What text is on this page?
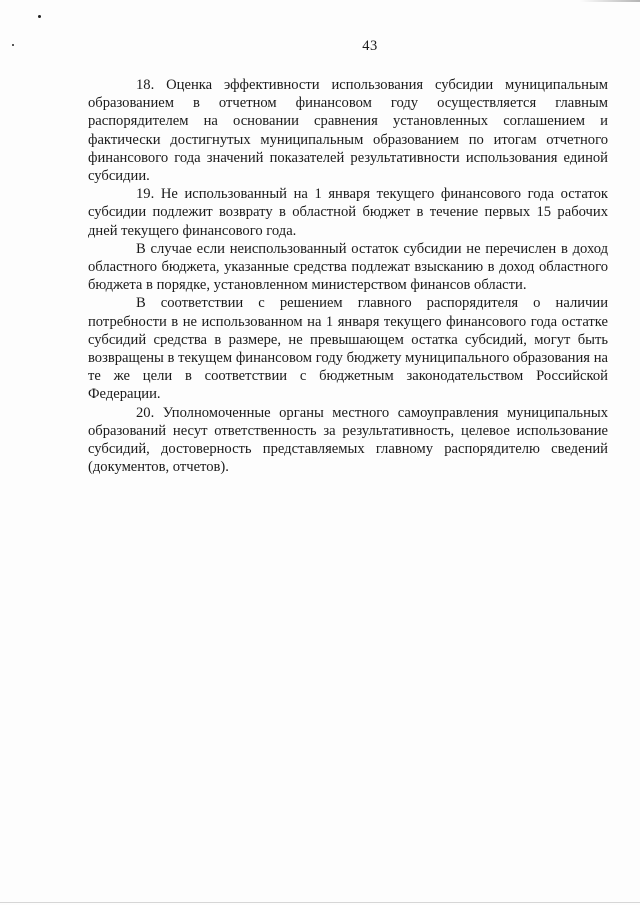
43

18. Оценка эффективности использования субсидии муниципальным образованием в отчетном финансовом году осуществляется главным распорядителем на основании сравнения установленных соглашением и фактически достигнутых муниципальным образованием по итогам отчетного финансового года значений показателей результативности использования единой субсидии.

19. Не использованный на 1 января текущего финансового года остаток субсидии подлежит возврату в областной бюджет в течение первых 15 рабочих дней текущего финансового года.

В случае если неиспользованный остаток субсидии не перечислен в доход областного бюджета, указанные средства подлежат взысканию в доход областного бюджета в порядке, установленном министерством финансов области.

В соответствии с решением главного распорядителя о наличии потребности в не использованном на 1 января текущего финансового года остатке субсидий средства в размере, не превышающем остатка субсидий, могут быть возвращены в текущем финансовом году бюджету муниципального образования на те же цели в соответствии с бюджетным законодательством Российской Федерации.

20. Уполномоченные органы местного самоуправления муниципальных образований несут ответственность за результативность, целевое использование субсидий, достоверность представляемых главному распорядителю сведений (документов, отчетов).
